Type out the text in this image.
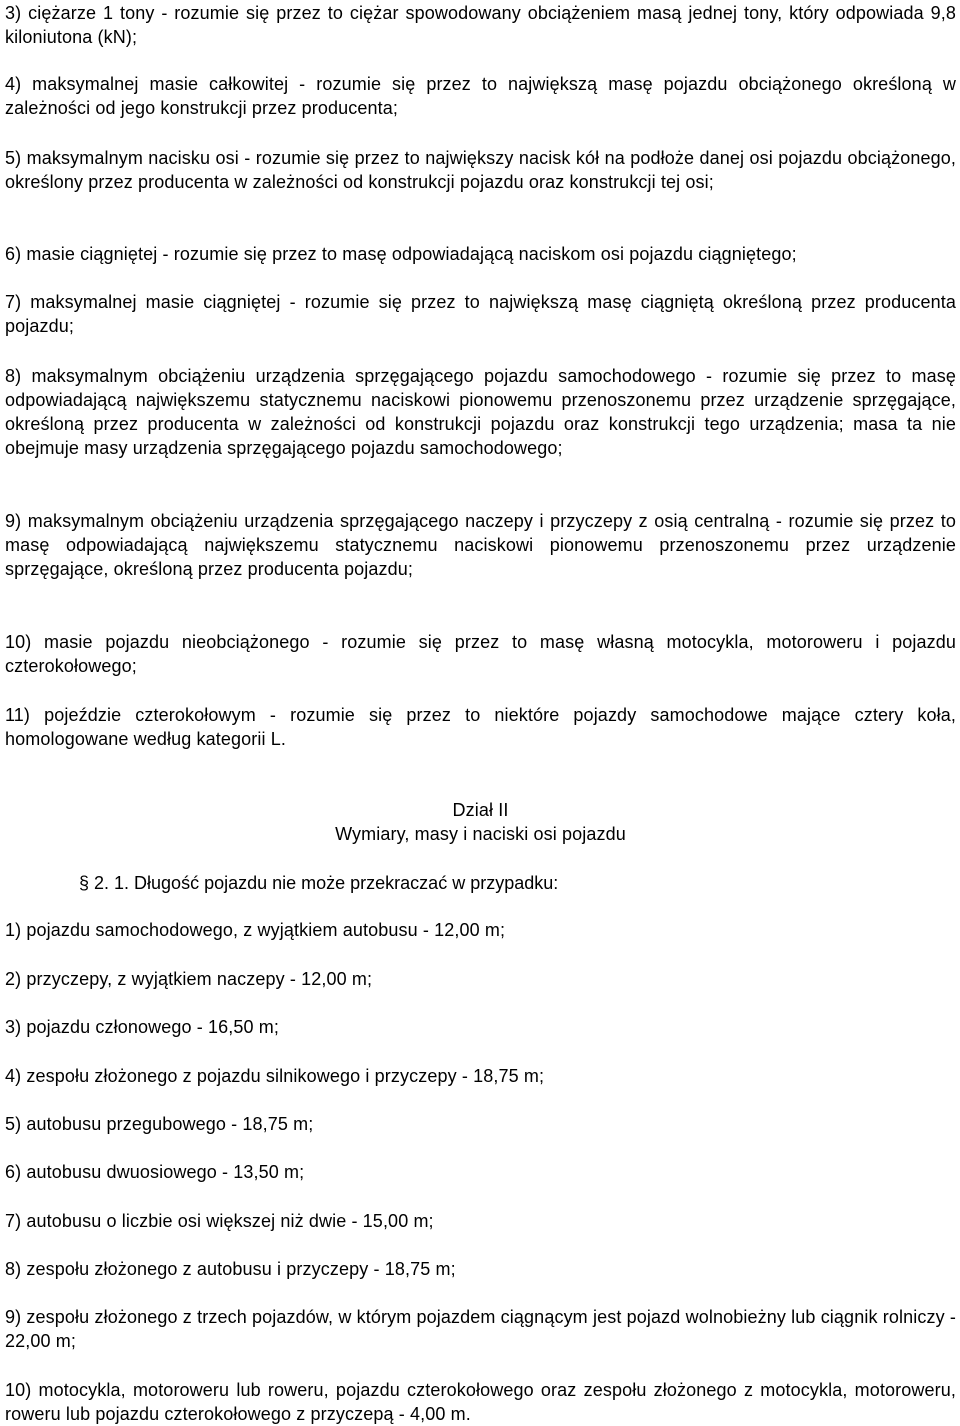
3) ciężarze 1 tony - rozumie się przez to ciężar spowodowany obciążeniem masą jednej tony, który odpowiada 9,8 kiloniutona (kN);

4) maksymalnej masie całkowitej - rozumie się przez to największą masę pojazdu obciążonego określoną w zależności od jego konstrukcji przez producenta;

5) maksymalnym nacisku osi - rozumie się przez to największy nacisk kół na podłoże danej osi pojazdu obciążonego, określony przez producenta w zależności od konstrukcji pojazdu oraz konstrukcji tej osi;

6) masie ciągniętej - rozumie się przez to masę odpowiadającą naciskom osi pojazdu ciągniętego;

7) maksymalnej masie ciągniętej - rozumie się przez to największą masę ciągniętą określoną przez producenta pojazdu;

8) maksymalnym obciążeniu urządzenia sprzęgającego pojazdu samochodowego - rozumie się przez to masę odpowiadającą największemu statycznemu naciskowi pionowemu przenoszonemu przez urządzenie sprzęgające, określoną przez producenta w zależności od konstrukcji pojazdu oraz konstrukcji tego urządzenia; masa ta nie obejmuje masy urządzenia sprzęgającego pojazdu samochodowego;

9) maksymalnym obciążeniu urządzenia sprzęgającego naczepy i przyczepy z osią centralną - rozumie się przez to masę odpowiadającą największemu statycznemu naciskowi pionowemu przenoszonemu przez urządzenie sprzęgające, określoną przez producenta pojazdu;

10) masie pojazdu nieobciążonego - rozumie się przez to masę własną motocykla, motoroweru i pojazdu czterokołowego;

11) pojeździe czterokołowym - rozumie się przez to niektóre pojazdy samochodowe mające cztery koła, homologowane według kategorii L.

Dział II

Wymiary, masy i naciski osi pojazdu

§ 2. 1. Długość pojazdu nie może przekraczać w przypadku:

1) pojazdu samochodowego, z wyjątkiem autobusu - 12,00 m;

2) przyczepy, z wyjątkiem naczepy - 12,00 m;

3) pojazdu członowego - 16,50 m;

4) zespołu złożonego z pojazdu silnikowego i przyczepy - 18,75 m;

5) autobusu przegubowego - 18,75 m;

6) autobusu dwuosiowego - 13,50 m;

7) autobusu o liczbie osi większej niż dwie - 15,00 m;

8) zespołu złożonego z autobusu i przyczepy - 18,75 m;

9) zespołu złożonego z trzech pojazdów, w którym pojazdem ciągnącym jest pojazd wolnobieżny lub ciągnik rolniczy - 22,00 m;

10) motocykla, motoroweru lub roweru, pojazdu czterokołowego oraz zespołu złożonego z motocykla, motoroweru, roweru lub pojazdu czterokołowego z przyczepą - 4,00 m.
